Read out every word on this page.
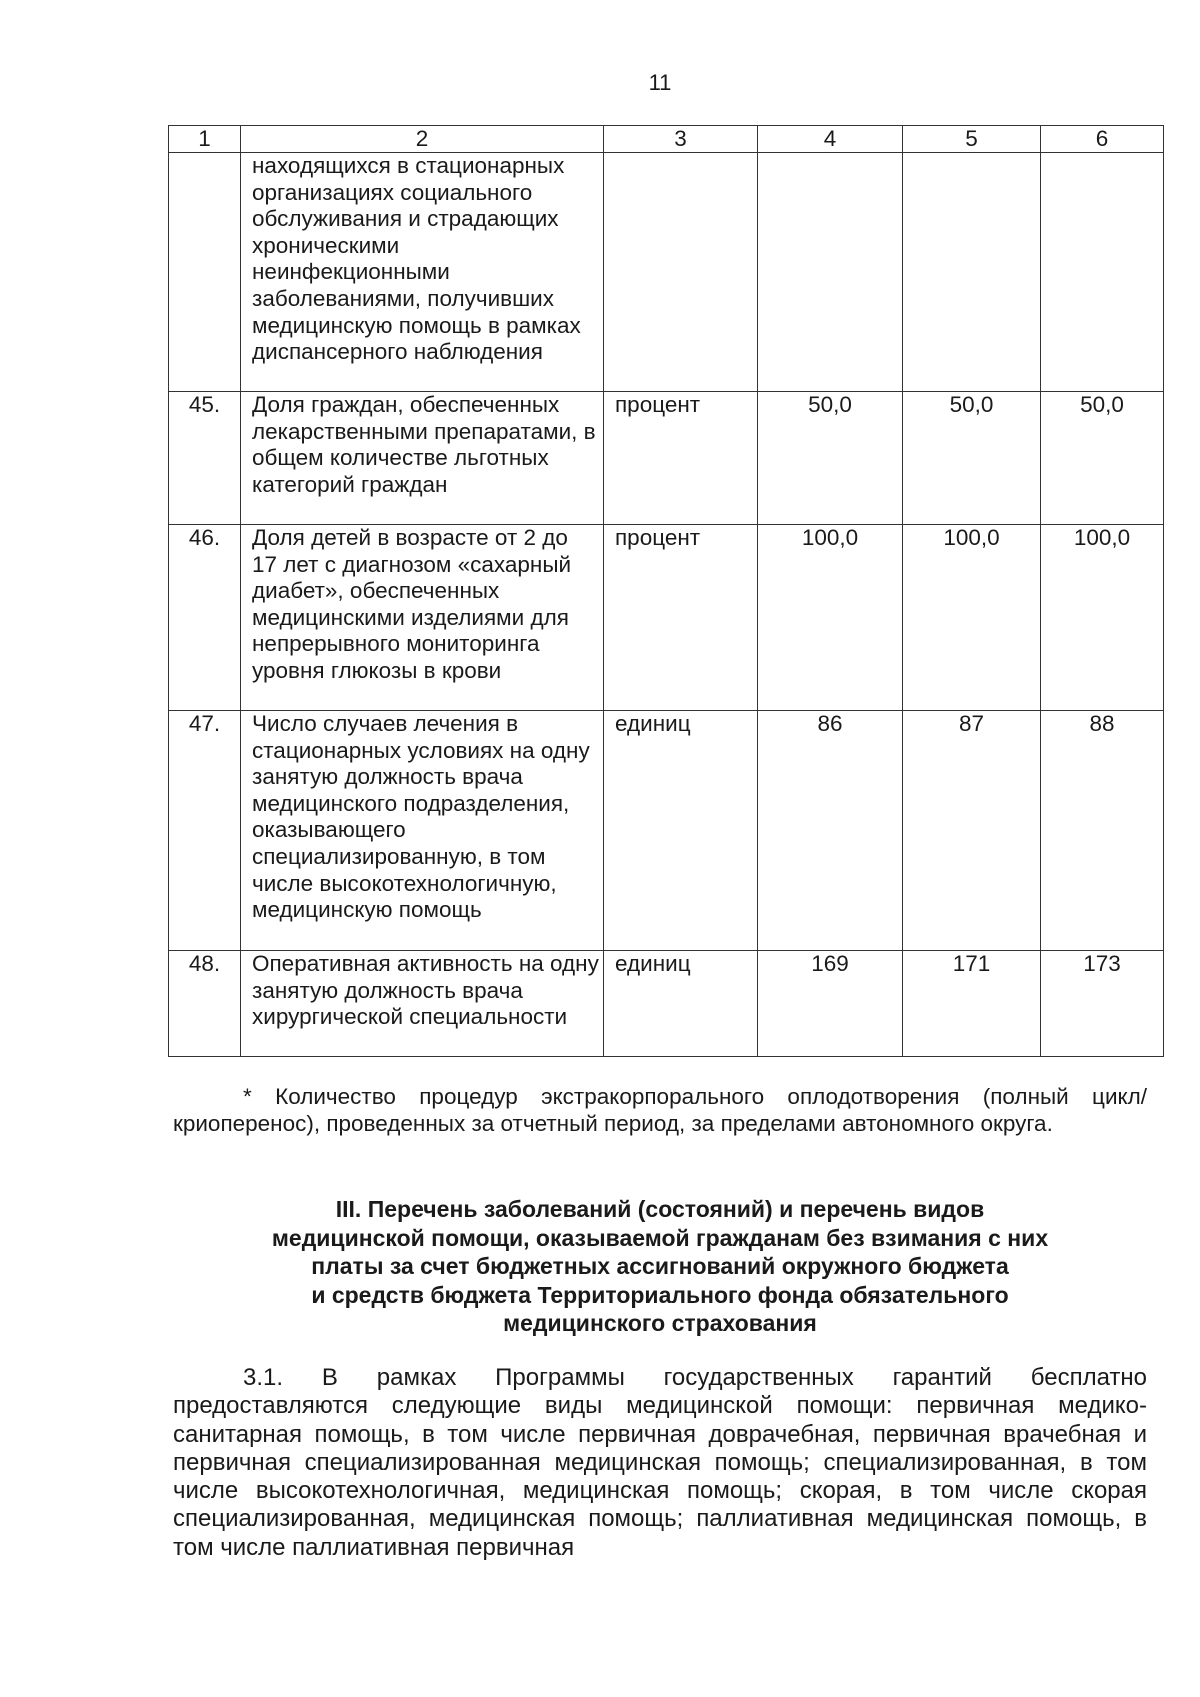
11
1	2	3	4	5	6
	находящихся в стационарных организациях социального обслуживания и страдающих хроническими неинфекционными заболеваниями, получивших медицинскую помощь в рамках диспансерного наблюдения				
45.	Доля граждан, обеспеченных лекарственными препаратами, в общем количестве льготных категорий граждан	процент	50,0	50,0	50,0
46.	Доля детей в возрасте от 2 до 17 лет с диагнозом «сахарный диабет», обеспеченных медицинскими изделиями для непрерывного мониторинга уровня глюкозы в крови	процент	100,0	100,0	100,0
47.	Число случаев лечения в стационарных условиях на одну занятую должность врача медицинского подразделения, оказывающего специализированную, в том числе высокотехнологичную, медицинскую помощь	единиц	86	87	88
48.	Оперативная активность на одну занятую должность врача хирургической специальности	единиц	169	171	173
* Количество процедур экстракорпорального оплодотворения (полный цикл/криоперенос), проведенных за отчетный период, за пределами автономного округа.
III. Перечень заболеваний (состояний) и перечень видов
медицинской помощи, оказываемой гражданам без взимания с них
платы за счет бюджетных ассигнований окружного бюджета
и средств бюджета Территориального фонда обязательного
медицинского страхования
3.1. В рамках Программы государственных гарантий бесплатно предоставляются следующие виды медицинской помощи: первичная медико-санитарная помощь, в том числе первичная доврачебная, первичная врачебная и первичная специализированная медицинская помощь; специализированная, в том числе высокотехнологичная, медицинская помощь; скорая, в том числе скорая специализированная, медицинская помощь; паллиативная медицинская помощь, в том числе паллиативная первичная
